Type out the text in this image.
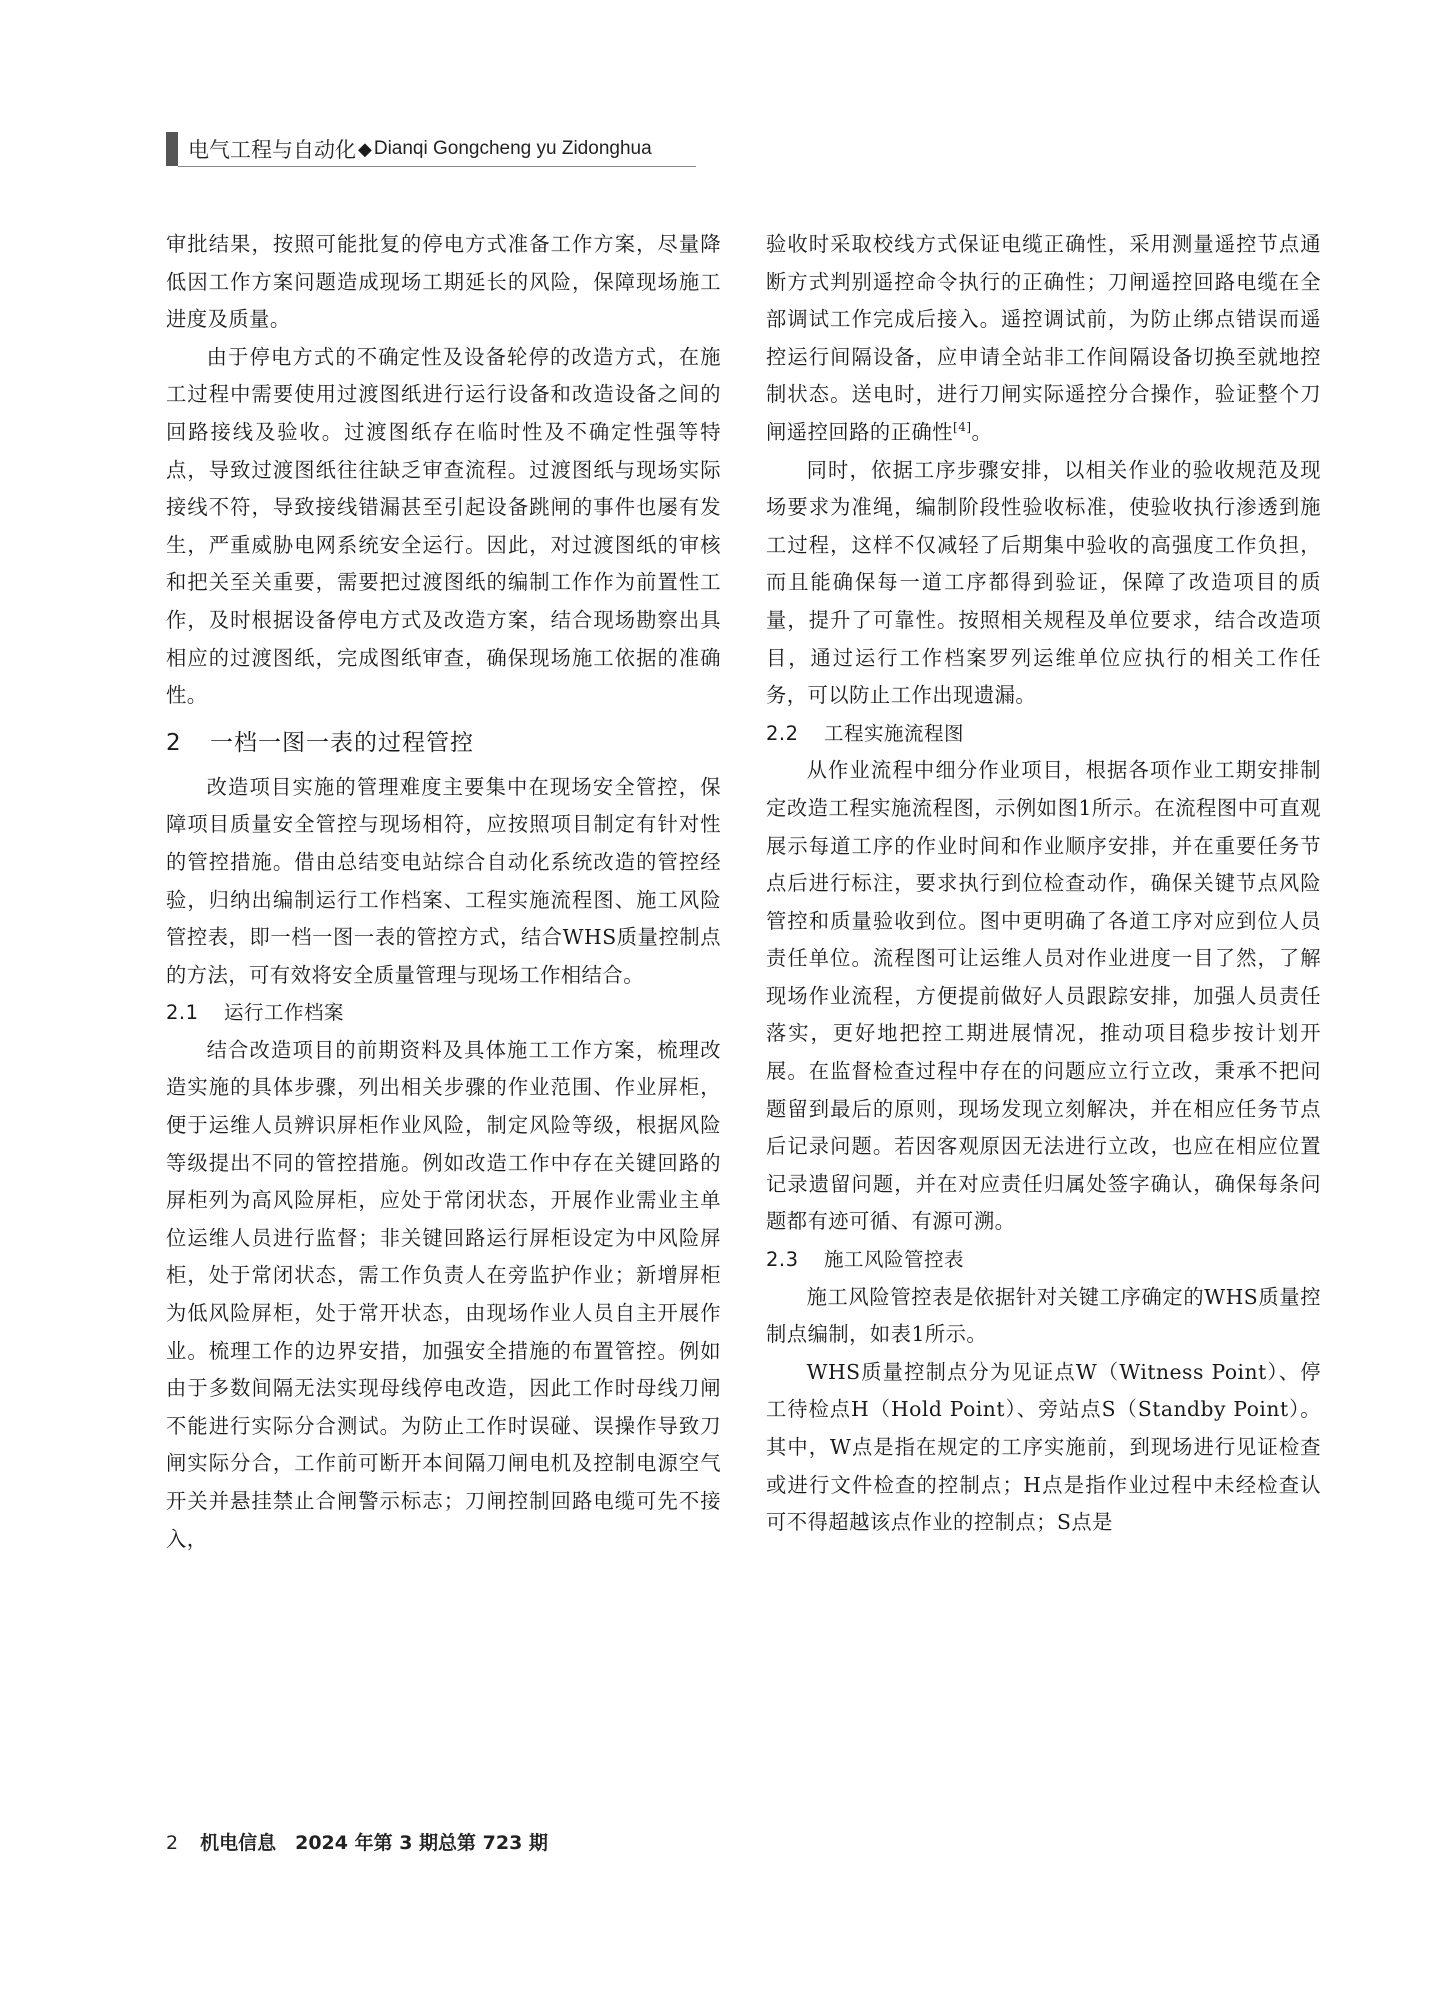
电气工程与自动化 ◆ Dianqi Gongcheng yu Zidonghua

审批结果，按照可能批复的停电方式准备工作方案，尽量降低因工作方案问题造成现场工期延长的风险，保障现场施工进度及质量。

由于停电方式的不确定性及设备轮停的改造方式，在施工过程中需要使用过渡图纸进行运行设备和改造设备之间的回路接线及验收。过渡图纸存在临时性及不确定性强等特点，导致过渡图纸往往缺乏审查流程。过渡图纸与现场实际接线不符，导致接线错漏甚至引起设备跳闸的事件也屡有发生，严重威胁电网系统安全运行。因此，对过渡图纸的审核和把关至关重要，需要把过渡图纸的编制工作作为前置性工作，及时根据设备停电方式及改造方案，结合现场勘察出具相应的过渡图纸，完成图纸审查，确保现场施工依据的准确性。

2 一档一图一表的过程管控

改造项目实施的管理难度主要集中在现场安全管控，保障项目质量安全管控与现场相符，应按照项目制定有针对性的管控措施。借由总结变电站综合自动化系统改造的管控经验，归纳出编制运行工作档案、工程实施流程图、施工风险管控表，即一档一图一表的管控方式，结合WHS质量控制点的方法，可有效将安全质量管理与现场工作相结合。

2.1 运行工作档案

结合改造项目的前期资料及具体施工工作方案，梳理改造实施的具体步骤，列出相关步骤的作业范围、作业屏柜，便于运维人员辨识屏柜作业风险，制定风险等级，根据风险等级提出不同的管控措施。例如改造工作中存在关键回路的屏柜列为高风险屏柜，应处于常闭状态，开展作业需业主单位运维人员进行监督；非关键回路运行屏柜设定为中风险屏柜，处于常闭状态，需工作负责人在旁监护作业；新增屏柜为低风险屏柜，处于常开状态，由现场作业人员自主开展作业。梳理工作的边界安措，加强安全措施的布置管控。例如由于多数间隔无法实现母线停电改造，因此工作时母线刀闸不能进行实际分合测试。为防止工作时误碰、误操作导致刀闸实际分合，工作前可断开本间隔刀闸电机及控制电源空气开关并悬挂禁止合闸警示标志；刀闸控制回路电缆可先不接入，

验收时采取校线方式保证电缆正确性，采用测量遥控节点通断方式判别遥控命令执行的正确性；刀闸遥控回路电缆在全部调试工作完成后接入。遥控调试前，为防止绑点错误而遥控运行间隔设备，应申请全站非工作间隔设备切换至就地控制状态。送电时，进行刀闸实际遥控分合操作，验证整个刀闸遥控回路的正确性[4]。

同时，依据工序步骤安排，以相关作业的验收规范及现场要求为准绳，编制阶段性验收标准，使验收执行渗透到施工过程，这样不仅减轻了后期集中验收的高强度工作负担，而且能确保每一道工序都得到验证，保障了改造项目的质量，提升了可靠性。按照相关规程及单位要求，结合改造项目，通过运行工作档案罗列运维单位应执行的相关工作任务，可以防止工作出现遗漏。

2.2 工程实施流程图

从作业流程中细分作业项目，根据各项作业工期安排制定改造工程实施流程图，示例如图1所示。在流程图中可直观展示每道工序的作业时间和作业顺序安排，并在重要任务节点后进行标注，要求执行到位检查动作，确保关键节点风险管控和质量验收到位。图中更明确了各道工序对应到位人员责任单位。流程图可让运维人员对作业进度一目了然，了解现场作业流程，方便提前做好人员跟踪安排，加强人员责任落实，更好地把控工期进展情况，推动项目稳步按计划开展。在监督检查过程中存在的问题应立行立改，秉承不把问题留到最后的原则，现场发现立刻解决，并在相应任务节点后记录问题。若因客观原因无法进行立改，也应在相应位置记录遗留问题，并在对应责任归属处签字确认，确保每条问题都有迹可循、有源可溯。

2.3 施工风险管控表

施工风险管控表是依据针对关键工序确定的WHS质量控制点编制，如表1所示。

WHS质量控制点分为见证点W（Witness Point）、停工待检点H（Hold Point）、旁站点S（Standby Point）。其中，W点是指在规定的工序实施前，到现场进行见证检查或进行文件检查的控制点；H点是指作业过程中未经检查认可不得超越该点作业的控制点；S点是

2 机电信息　2024 年第 3 期总第 723 期
